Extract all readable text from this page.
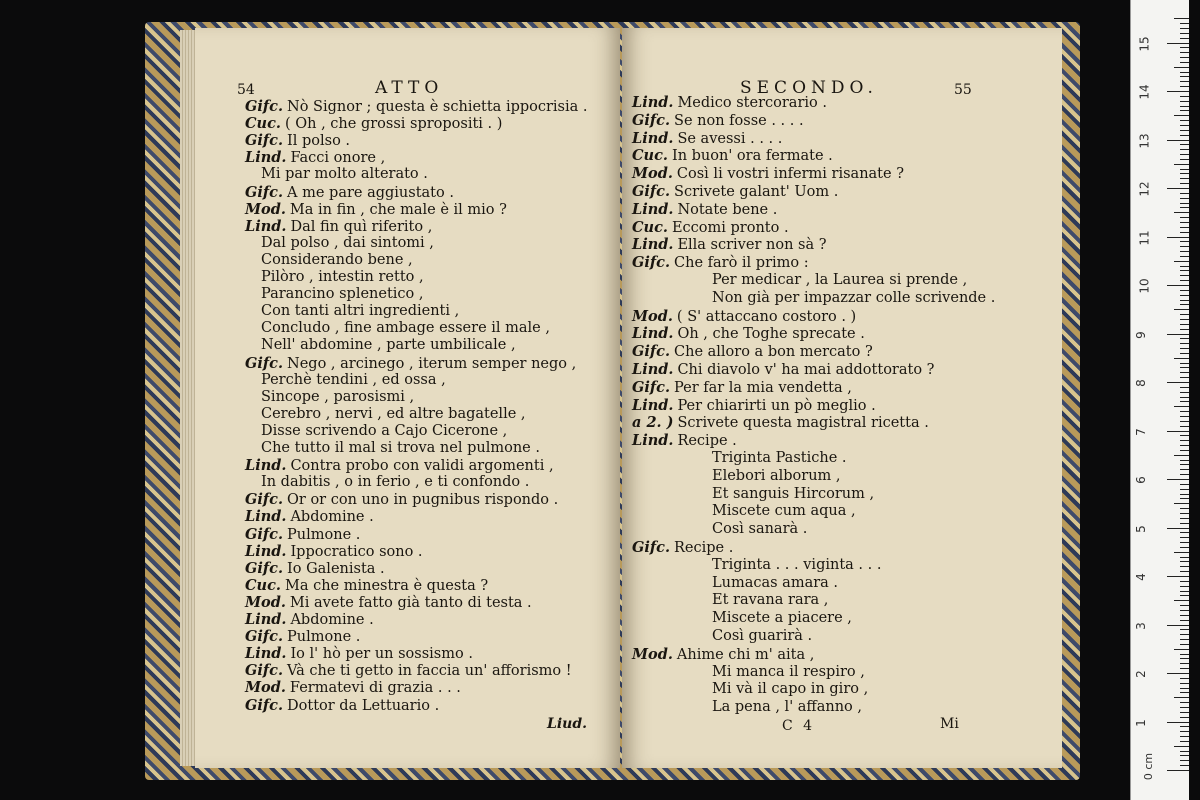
54	ATTO
Gifc. Nò Signor ; questa è schietta ippocrisia .
Cuc. ( Oh , che grossi spropositi . )
Gifc. Il polso .
Lind. Facci onore ,
Mi par molto alterato .
Gifc. A me pare aggiustato .
Mod. Ma in fin , che male è il mio ?
Lind. Dal fin quì riferito ,
Dal polso , dai sintomi ,
Considerando bene ,
Pilòro , intestin retto ,
Parancino splenetico ,
Con tanti altri ingredienti ,
Concludo , fine ambage essere il male ,
Nell' abdomine , parte umbilicale ,
Gifc. Nego , arcinego , iterum semper nego ,
Perchè tendini , ed ossa ,
Sincope , parosismi ,
Cerebro , nervi , ed altre bagatelle ,
Disse scrivendo a Cajo Cicerone ,
Che tutto il mal si trova nel pulmone .
Lind. Contra probo con validi argomenti ,
In dabitis , o in ferio , e ti confondo .
Gifc. Or or con uno in pugnibus rispondo .
Lind. Abdomine .
Gifc. Pulmone .
Lind. Ippocratico sono .
Gifc. Io Galenista .
Cuc. Ma che minestra è questa ?
Mod. Mi avete fatto già tanto di testa .
Lind. Abdomine .
Gifc. Pulmone .
Lind. Io l' hò per un sossismo .
Gifc. Và che ti getto in faccia un' afforismo !
Mod. Fermatevi di grazia . . .
Gifc. Dottor da Lettuario .
Liud.
SECONDO.	55
Lind. Medico stercorario .
Gifc. Se non fosse . . . .
Lind. Se avessi . . . .
Cuc. In buon' ora fermate .
Mod. Così li vostri infermi risanate ?
Gifc. Scrivete galant' Uom .
Lind. Notate bene .
Cuc. Eccomi pronto .
Lind. Ella scriver non sà ?
Gifc. Che farò il primo :
Per medicar , la Laurea si prende ,
Non già per impazzar colle scrivende .
Mod. ( S' attaccano costoro . )
Lind. Oh , che Toghe sprecate .
Gifc. Che alloro a bon mercato ?
Lind. Chi diavolo v' ha mai addottorato ?
Gifc. Per far la mia vendetta ,
Lind. Per chiarirti un pò meglio .
a 2. ) Scrivete questa magistral ricetta .
Lind. Recipe .
Triginta Pastiche .
Elebori alborum ,
Et sanguis Hircorum ,
Miscete cum aqua ,
Così sanarà .
Gifc. Recipe .
Triginta . . . viginta . . .
Lumacas amara .
Et ravana rara ,
Miscete a piacere ,
Così guarirà .
Mod. Ahime chi m' aita ,
Mi manca il respiro ,
Mi và il capo in giro ,
La pena , l' affanno ,
C 4	Mi	1
2
3
4
5
6
7
8
9
10
11
12
13
14
15
0 cm
